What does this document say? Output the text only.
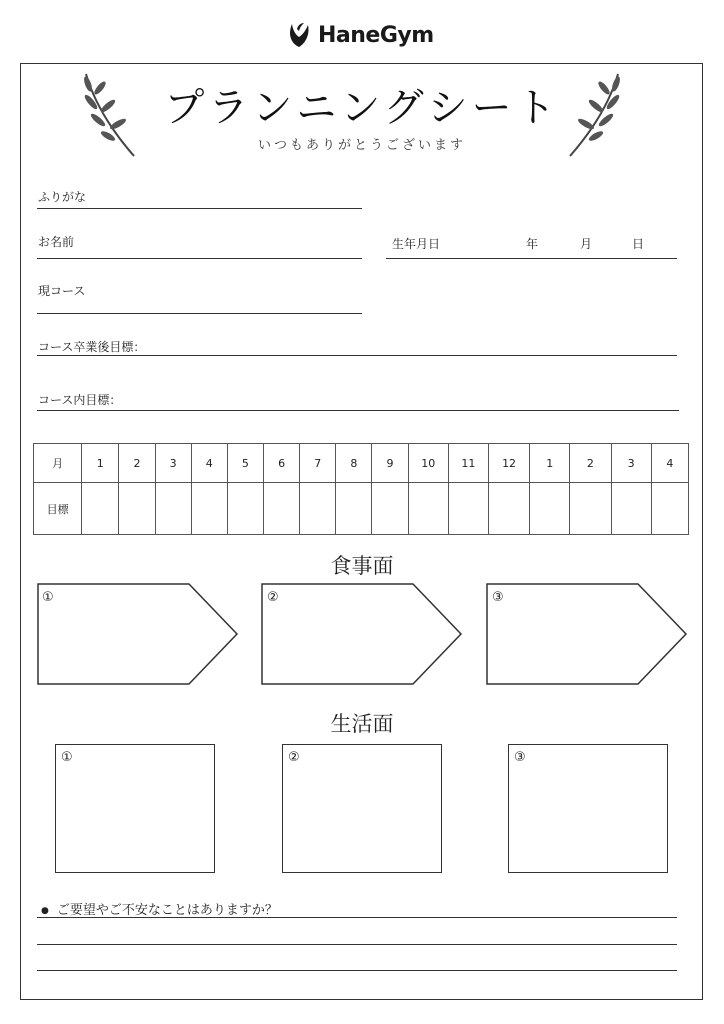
HaneGym
プランニングシート
いつもありがとうございます
ふりがな
お名前	生年月日	年	月	日
現コース
コース卒業後目標：
コース内目標：
月	1	2	3	4	5	6	7	8	9	10	11	12	1	2	3	4
目標																
食事面
①	②	③
生活面
①	②	③
● ご要望やご不安なことはありますか？
